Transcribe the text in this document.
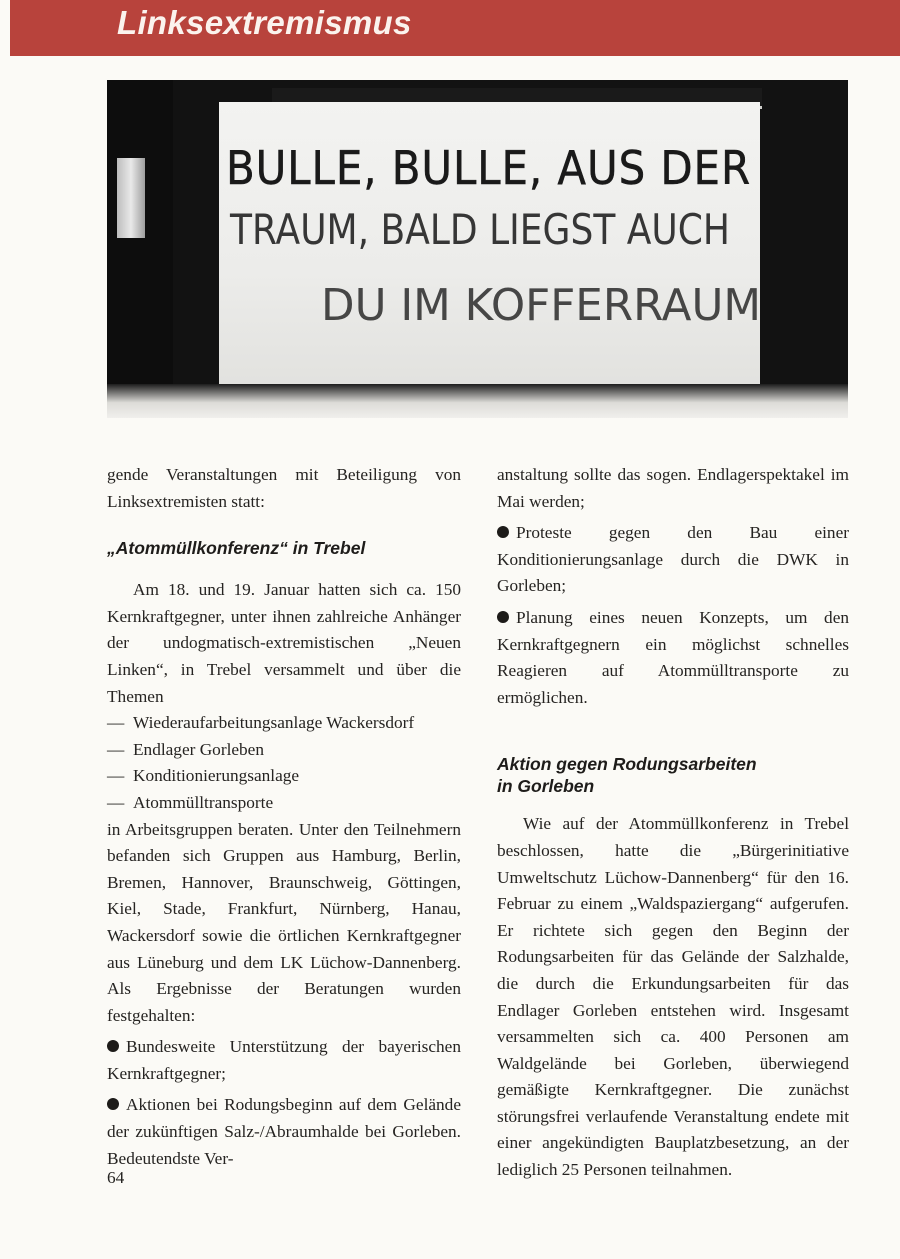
Linksextremismus
BULLE, BULLE, AUS DER
TRAUM, BALD LIEGST AUCH
DU IM KOFFERRAUM

gende Veranstaltungen mit Beteiligung von Linksextremisten statt:

„Atommüllkonferenz“ in Trebel

Am 18. und 19. Januar hatten sich ca. 150 Kernkraftgegner, unter ihnen zahlreiche Anhänger der undogmatisch-extremistischen „Neuen Linken“, in Trebel versammelt und über die Themen

— Wiederaufarbeitungsanlage Wackersdorf
— Endlager Gorleben
— Konditionierungsanlage
— Atommülltransporte

in Arbeitsgruppen beraten. Unter den Teilnehmern befanden sich Gruppen aus Hamburg, Berlin, Bremen, Hannover, Braunschweig, Göttingen, Kiel, Stade, Frankfurt, Nürnberg, Hanau, Wackersdorf sowie die örtlichen Kernkraftgegner aus Lüneburg und dem LK Lüchow-Dannenberg. Als Ergebnisse der Beratungen wurden festgehalten:

Bundesweite Unterstützung der bayerischen Kernkraftgegner;

Aktionen bei Rodungsbeginn auf dem Gelände der zukünftigen Salz-/Abraumhalde bei Gorleben. Bedeutendste Ver-

anstaltung sollte das sogen. Endlagerspektakel im Mai werden;

Proteste gegen den Bau einer Konditionierungsanlage durch die DWK in Gorleben;

Planung eines neuen Konzepts, um den Kernkraftgegnern ein möglichst schnelles Reagieren auf Atommülltransporte zu ermöglichen.

Aktion gegen Rodungsarbeiten

in Gorleben

Wie auf der Atommüllkonferenz in Trebel beschlossen, hatte die „Bürgerinitiative Umweltschutz Lüchow-Dannenberg“ für den 16. Februar zu einem „Waldspaziergang“ aufgerufen. Er richtete sich gegen den Beginn der Rodungsarbeiten für das Gelände der Salzhalde, die durch die Erkundungsarbeiten für das Endlager Gorleben entstehen wird. Insgesamt versammelten sich ca. 400 Personen am Waldgelände bei Gorleben, überwiegend gemäßigte Kernkraftgegner. Die zunächst störungsfrei verlaufende Veranstaltung endete mit einer angekündigten Bauplatzbesetzung, an der lediglich 25 Personen teilnahmen.

64
